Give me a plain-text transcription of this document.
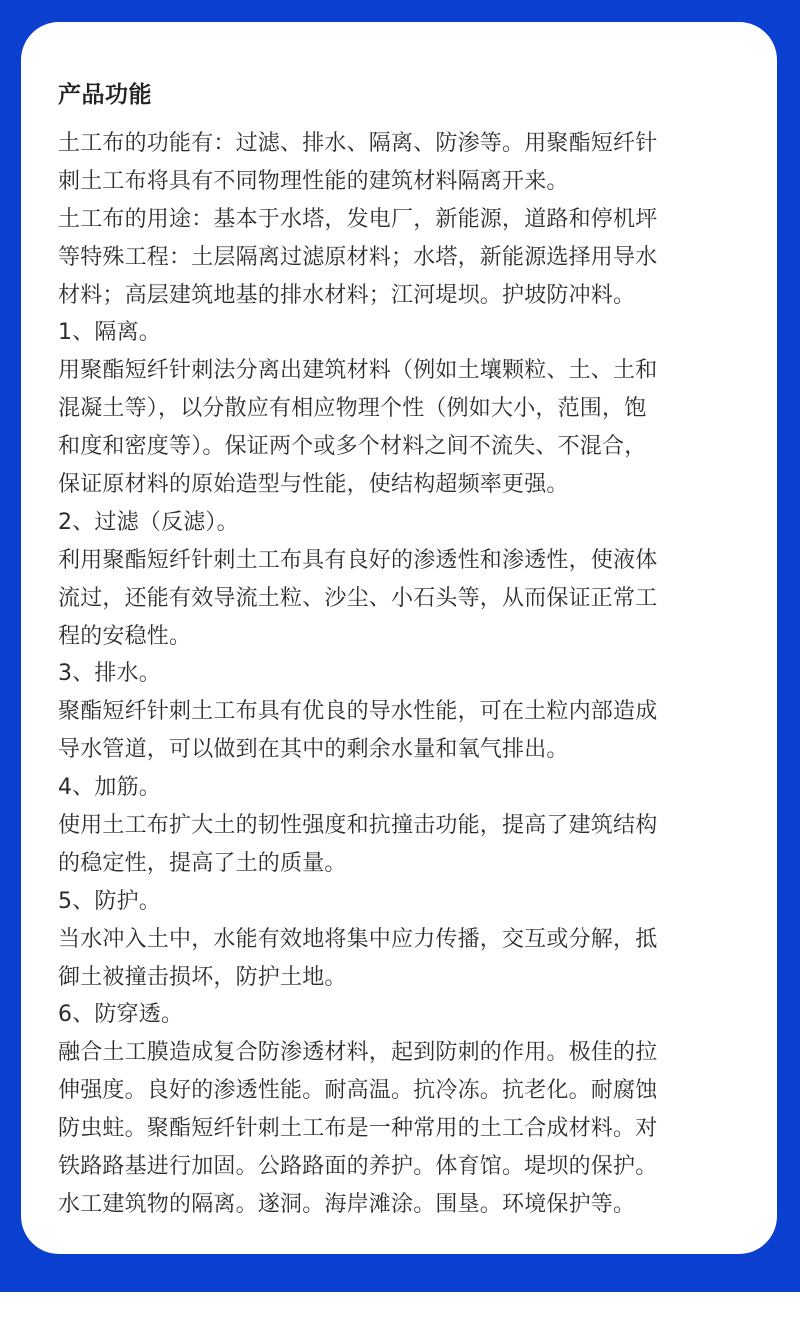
产品功能
土工布的功能有：过滤、排水、隔离、防渗等。用聚酯短纤针
刺土工布将具有不同物理性能的建筑材料隔离开来。
土工布的用途：基本于水塔，发电厂，新能源，道路和停机坪
等特殊工程：土层隔离过滤原材料；水塔，新能源选择用导水
材料；高层建筑地基的排水材料；江河堤坝。护坡防冲料。
1、隔离。
用聚酯短纤针刺法分离出建筑材料（例如土壤颗粒、土、土和
混凝土等），以分散应有相应物理个性（例如大小，范围，饱
和度和密度等）。保证两个或多个材料之间不流失、不混合，
保证原材料的原始造型与性能，使结构超频率更强。
2、过滤（反滤）。
利用聚酯短纤针刺土工布具有良好的渗透性和渗透性，使液体
流过，还能有效导流土粒、沙尘、小石头等，从而保证正常工
程的安稳性。
3、排水。
聚酯短纤针刺土工布具有优良的导水性能，可在土粒内部造成
导水管道，可以做到在其中的剩余水量和氧气排出。
4、加筋。
使用土工布扩大土的韧性强度和抗撞击功能，提高了建筑结构
的稳定性，提高了土的质量。
5、防护。
当水冲入土中，水能有效地将集中应力传播，交互或分解，抵
御土被撞击损坏，防护土地。
6、防穿透。
融合土工膜造成复合防渗透材料，起到防刺的作用。极佳的拉
伸强度。良好的渗透性能。耐高温。抗冷冻。抗老化。耐腐蚀
防虫蛀。聚酯短纤针刺土工布是一种常用的土工合成材料。对
铁路路基进行加固。公路路面的养护。体育馆。堤坝的保护。
水工建筑物的隔离。遂洞。海岸滩涂。围垦。环境保护等。
